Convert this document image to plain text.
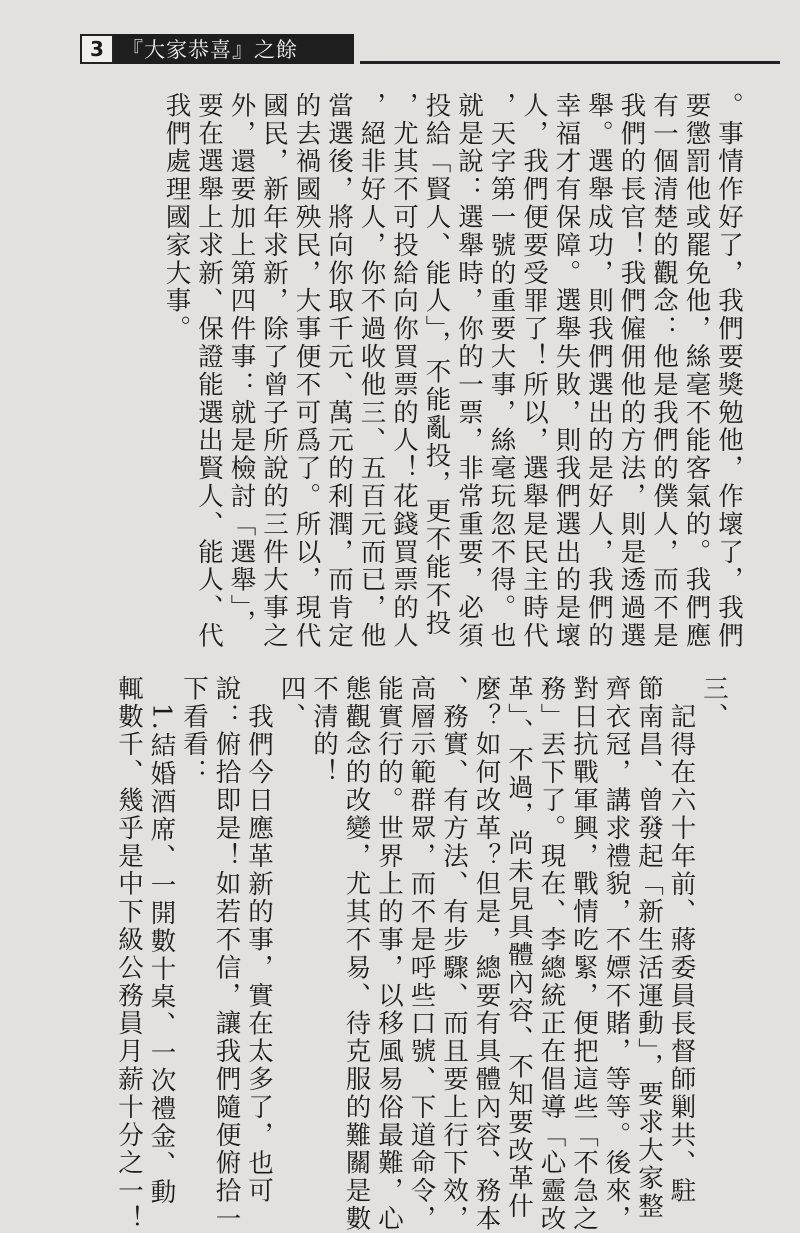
3 『大家恭喜』之餘

。事情作好了，我們要獎勉他，作壞了，我們

要懲罰他或罷免他，絲毫不能客氣的。我們應

有一個清楚的觀念：他是我們的僕人，而不是

我們的長官！我們僱佣他的方法，則是透過選

舉。選舉成功，則我們選出的是好人，我們的

幸福才有保障。選舉失敗，則我們選出的是壞

人，我們便要受罪了！所以，選舉是民主時代

，天字第一號的重要大事，絲毫玩忽不得。也

就是說：選舉時，你的一票，非常重要，必須

投給「賢人、能人」，不能亂投，更不能不投

，尤其不可投給向你買票的人！花錢買票的人

，絕非好人，你不過收他三、五百元而已，他

當選後，將向你取千元、萬元的利潤，而肯定

的去禍國殃民，大事便不可爲了。所以，現代

國民，新年求新，除了曾子所說的三件大事之

外，還要加上第四件事：就是檢討「選舉」，

要在選舉上求新、保證能選出賢人、能人、代

我們處理國家大事。

三、

記得在六十年前、蔣委員長督師剿共、駐

節南昌、曾發起「新生活運動」，要求大家整

齊衣冠，講求禮貌，不嫖不賭，等等。後來，

對日抗戰軍興，戰情吃緊，便把這些「不急之

務」丟下了。現在、李總統正在倡導「心靈改

革」、不過，尚未見具體內容、不知要改革什

麼？如何改革？但是，總要有具體內容、務本

、務實、有方法、有步驟、而且要上行下效，

高層示範群眾，而不是呼些口號、下道命令，

能實行的。世界上的事，以移風易俗最難，心

態觀念的改變，尤其不易、待克服的難關是數

不清的！

四、

我們今日應革新的事，實在太多了，也可

說：俯拾即是！如若不信，讓我們隨便俯拾一

下看看：

1.結婚酒席、一開數十桌、一次禮金、動

輒數千、幾乎是中下級公務員月薪十分之一！
